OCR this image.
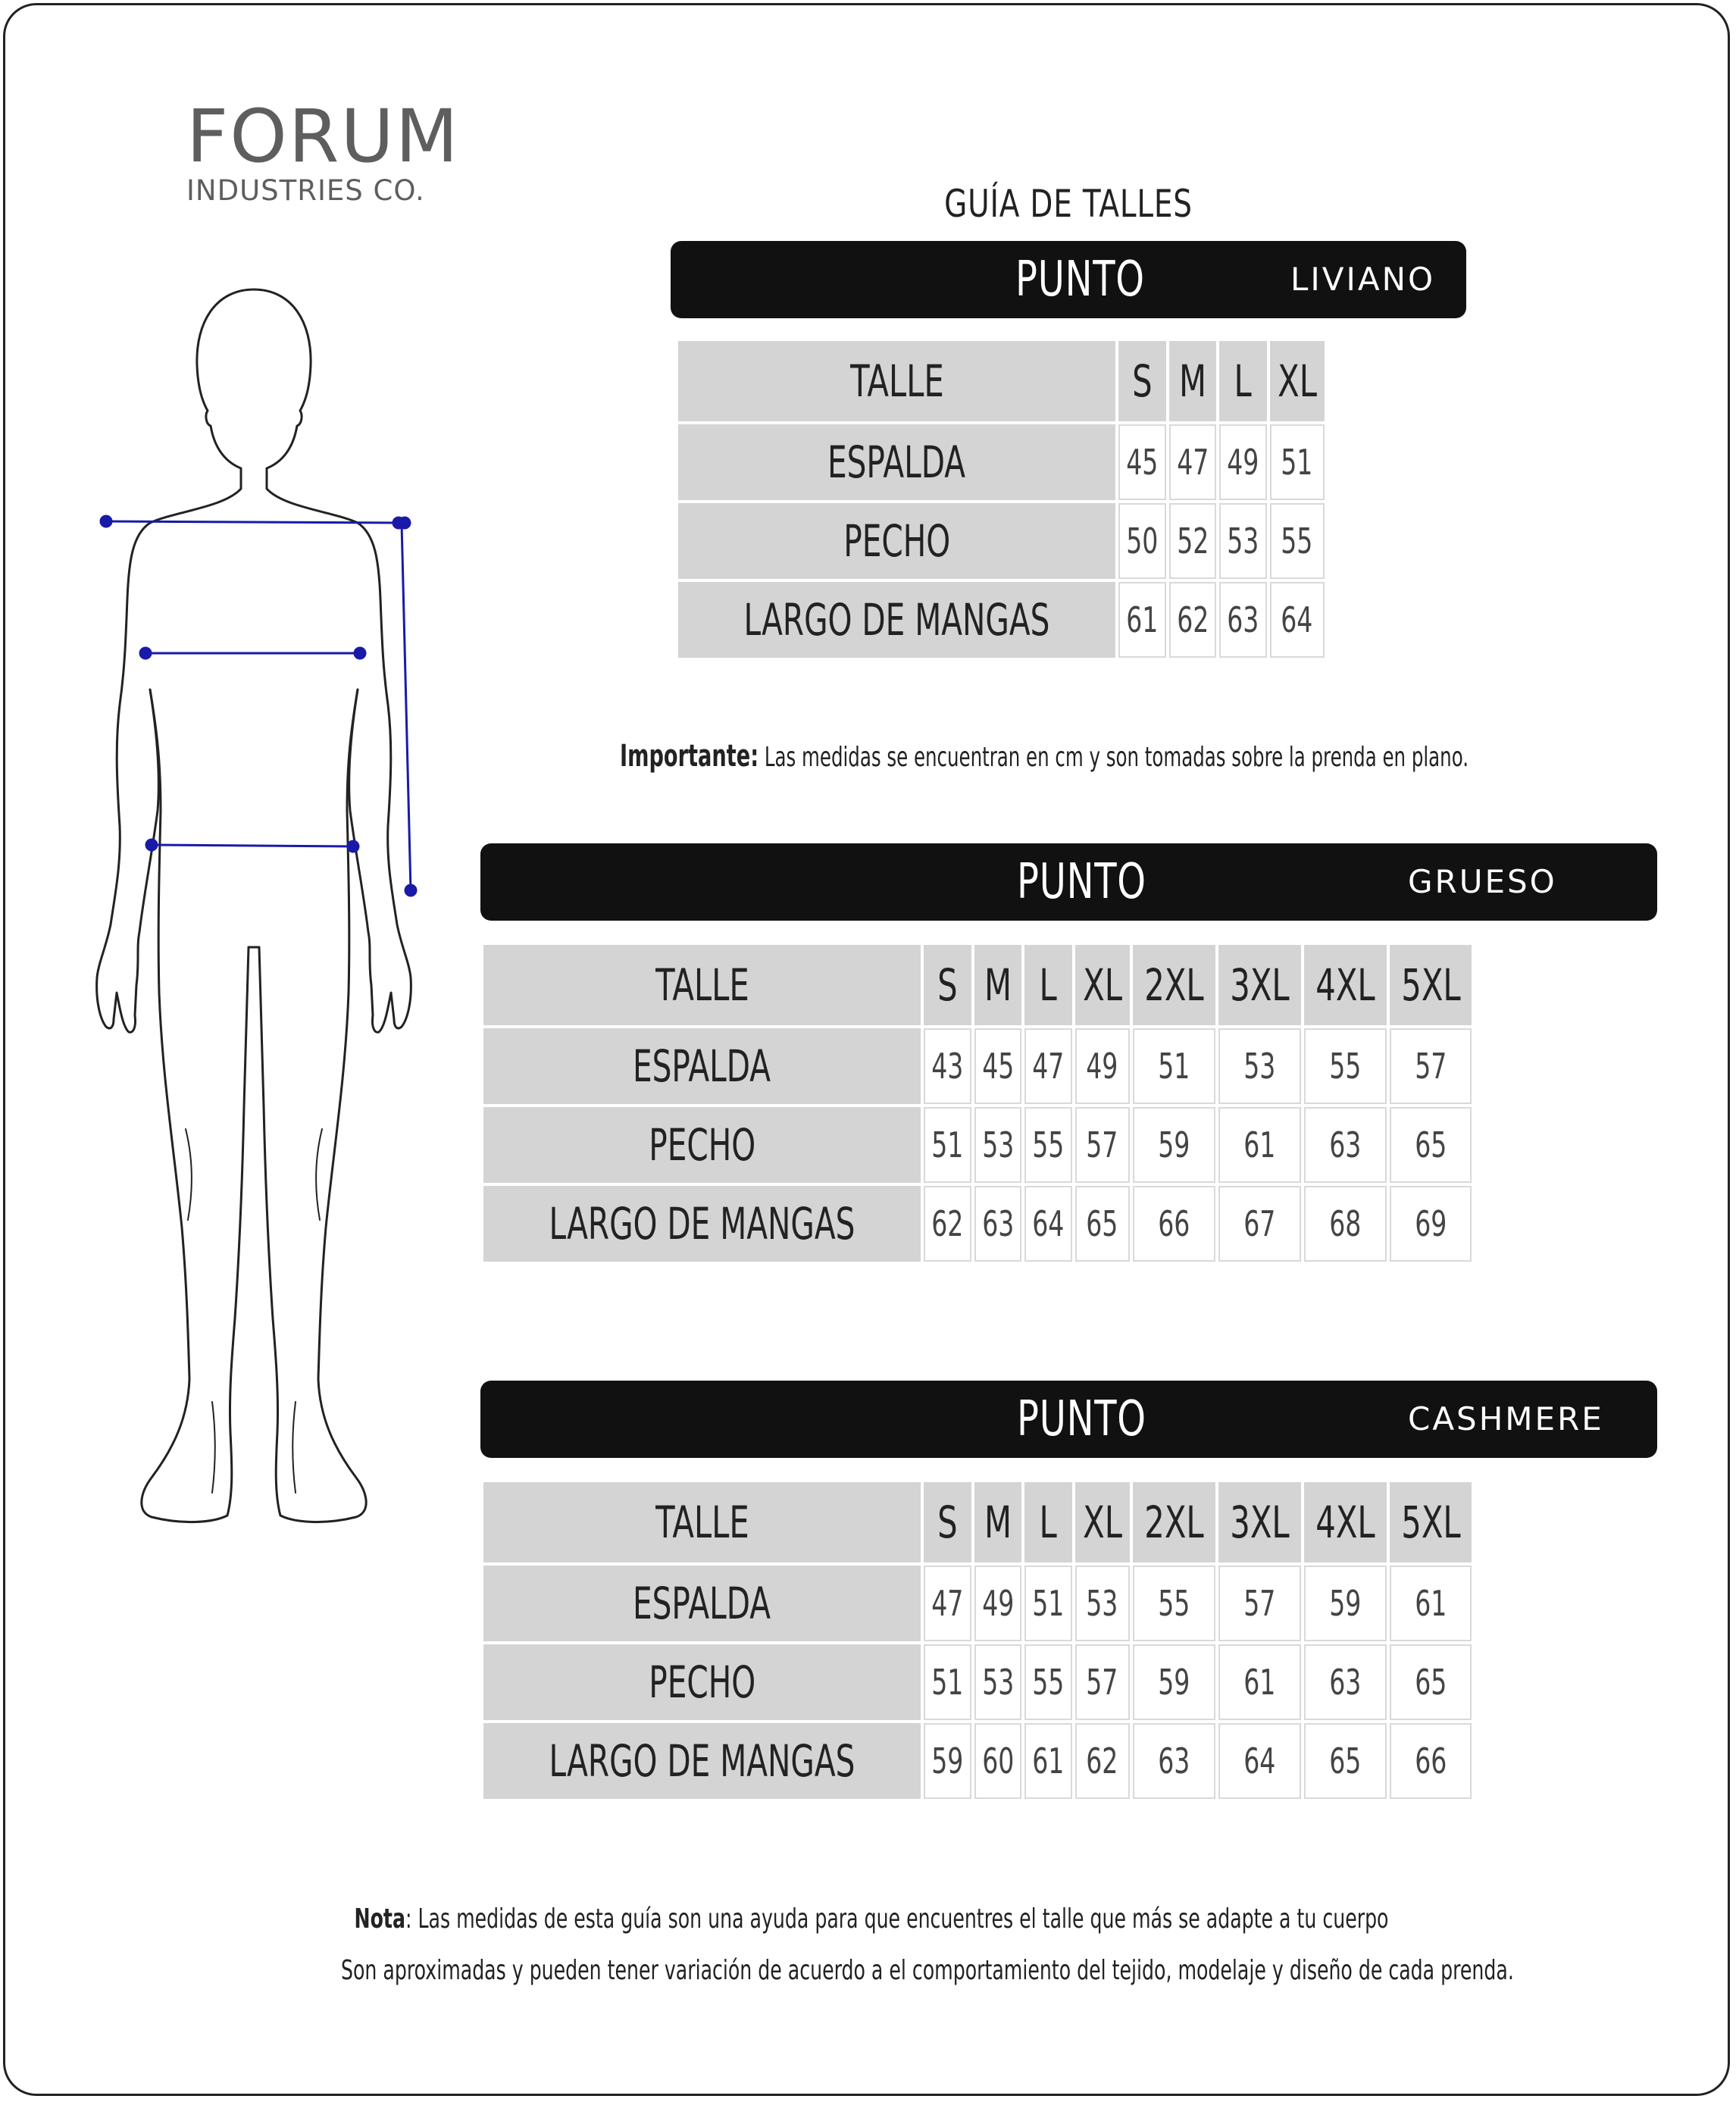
FORUM
INDUSTRIES CO.	GUÍA DE TALLES
PUNTO	LIVIANO
TALLE	S	M	L	XL
ESPALDA	45	47	49	51
PECHO	50	52	53	55
LARGO DE MANGAS	61	62	63	64
Importante: Las medidas se encuentran en cm y son tomadas sobre la prenda en plano.
PUNTO	GRUESO
TALLE	S	M	L	XL	2XL	3XL	4XL	5XL
ESPALDA	43	45	47	49	51	53	55	57
PECHO	51	53	55	57	59	61	63	65
LARGO DE MANGAS	62	63	64	65	66	67	68	69
PUNTO	CASHMERE
TALLE	S	M	L	XL	2XL	3XL	4XL	5XL
ESPALDA	47	49	51	53	55	57	59	61
PECHO	51	53	55	57	59	61	63	65
LARGO DE MANGAS	59	60	61	62	63	64	65	66
Nota: Las medidas de esta guía son una ayuda para que encuentres el talle que más se adapte a tu cuerpo
Son aproximadas y pueden tener variación de acuerdo a el comportamiento del tejido, modelaje y diseño de cada prenda.
